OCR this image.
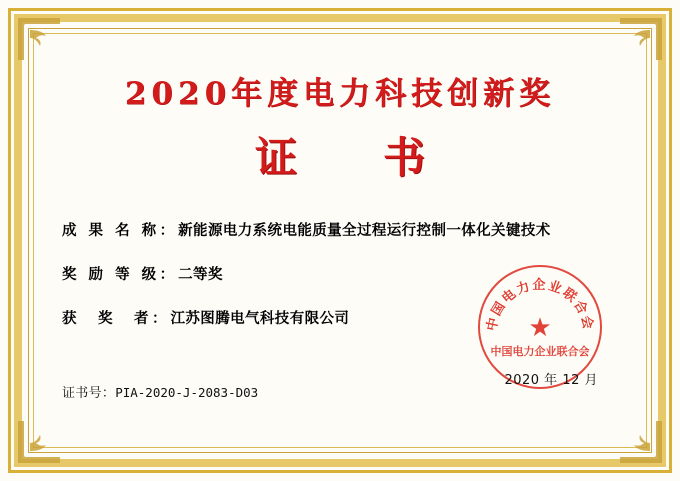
2020年度电力科技创新奖
证　书
成 果 名 称 ： 新能源电力系统电能质量全过程运行控制一体化关键技术
奖 励 等 级 ： 二等奖
获　奖　者 ： 江苏图腾电气科技有限公司	中国电力企业联合会
★
中国电力企业联合会
2020 年 12 月
证书号：PIA-2020-J-2083-D03
